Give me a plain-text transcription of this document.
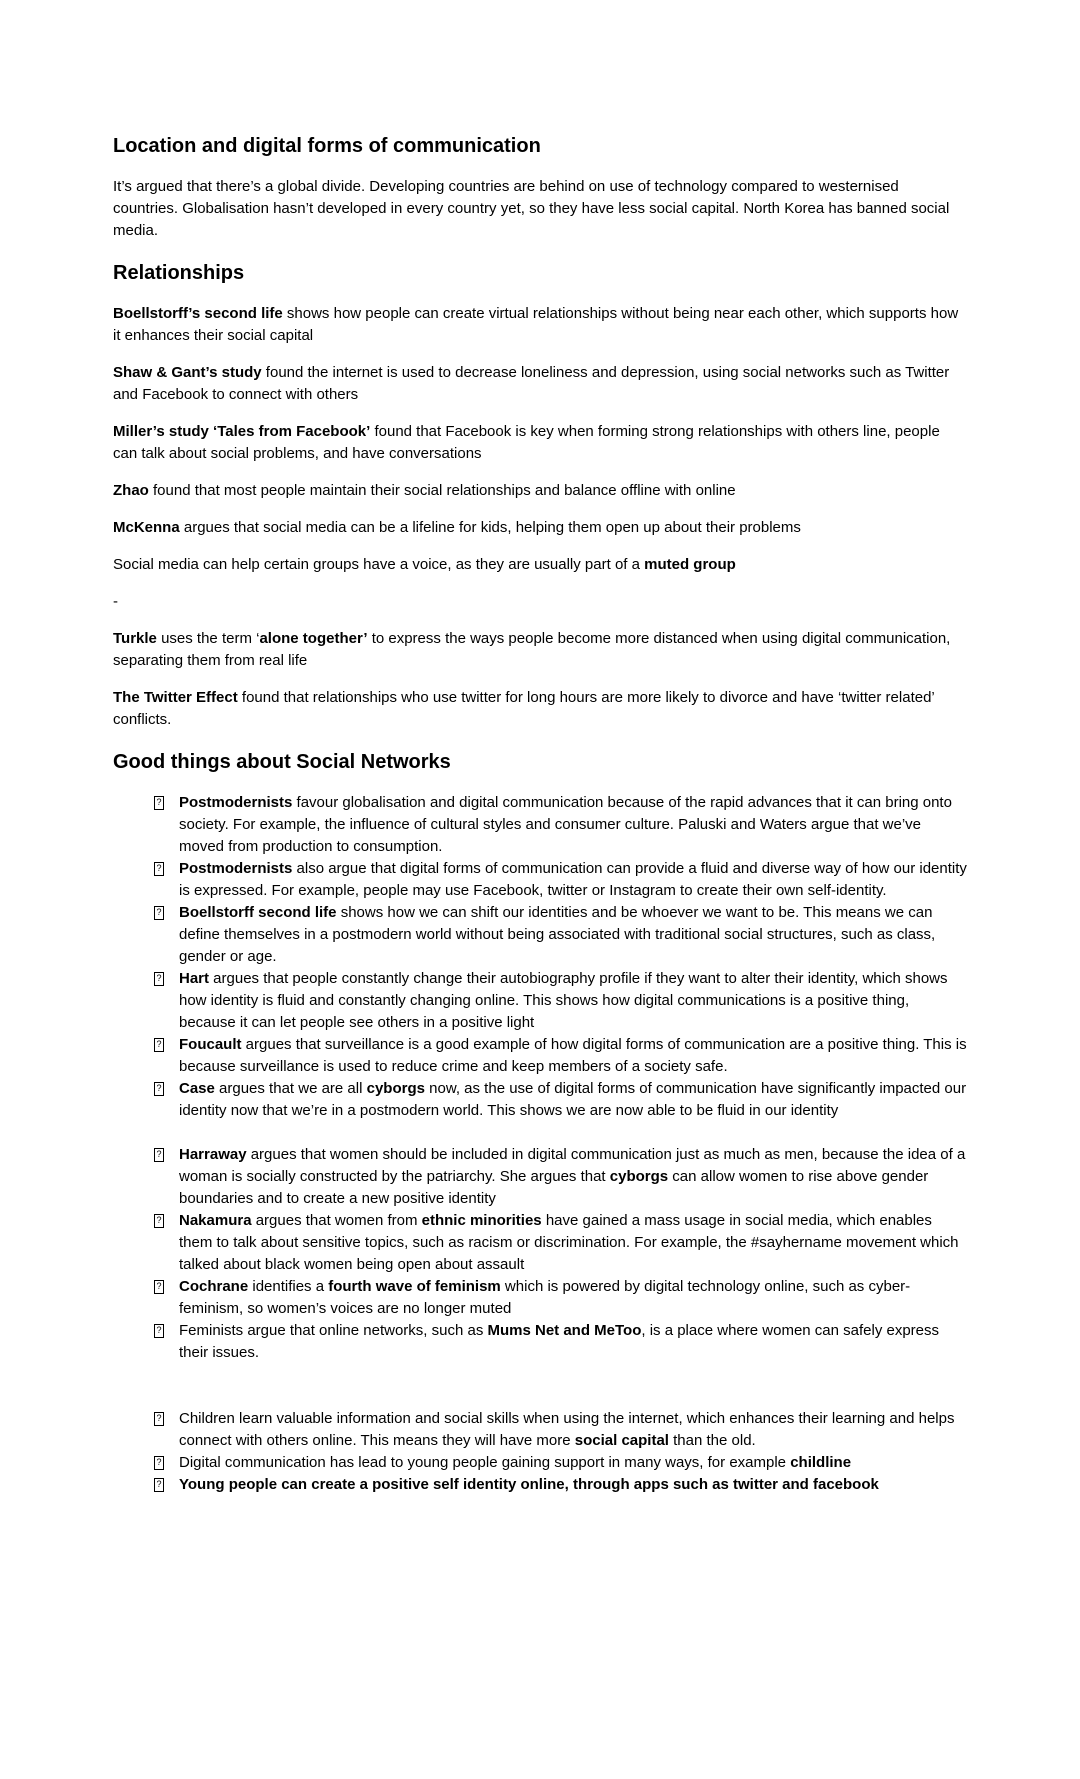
Location and digital forms of communication

It’s argued that there’s a global divide. Developing countries are behind on use of technology compared to westernised countries. Globalisation hasn’t developed in every country yet, so they have less social capital. North Korea has banned social media.

Relationships

Boellstorff’s second life shows how people can create virtual relationships without being near each other, which supports how it enhances their social capital

Shaw & Gant’s study found the internet is used to decrease loneliness and depression, using social networks such as Twitter and Facebook to connect with others

Miller’s study ‘Tales from Facebook’ found that Facebook is key when forming strong relationships with others line, people can talk about social problems, and have conversations

Zhao found that most people maintain their social relationships and balance offline with online

McKenna argues that social media can be a lifeline for kids, helping them open up about their problems

Social media can help certain groups have a voice, as they are usually part of a muted group

-

Turkle uses the term ‘alone together’ to express the ways people become more distanced when using digital communication, separating them from real life

The Twitter Effect found that relationships who use twitter for long hours are more likely to divorce and have ‘twitter related’ conflicts.

Good things about Social Networks
? Postmodernists favour globalisation and digital communication because of the rapid advances that it can bring onto society. For example, the influence of cultural styles and consumer culture. Paluski and Waters argue that we’ve moved from production to consumption.
? Postmodernists also argue that digital forms of communication can provide a fluid and diverse way of how our identity is expressed. For example, people may use Facebook, twitter or Instagram to create their own self-identity.
? Boellstorff second life shows how we can shift our identities and be whoever we want to be. This means we can define themselves in a postmodern world without being associated with traditional social structures, such as class, gender or age.
? Hart argues that people constantly change their autobiography profile if they want to alter their identity, which shows how identity is fluid and constantly changing online. This shows how digital communications is a positive thing, because it can let people see others in a positive light
? Foucault argues that surveillance is a good example of how digital forms of communication are a positive thing. This is because surveillance is used to reduce crime and keep members of a society safe.
? Case argues that we are all cyborgs now, as the use of digital forms of communication have significantly impacted our identity now that we’re in a postmodern world. This shows we are now able to be fluid in our identity
? Harraway argues that women should be included in digital communication just as much as men, because the idea of a woman is socially constructed by the patriarchy. She argues that cyborgs can allow women to rise above gender boundaries and to create a new positive identity
? Nakamura argues that women from ethnic minorities have gained a mass usage in social media, which enables them to talk about sensitive topics, such as racism or discrimination. For example, the #sayhername movement which talked about black women being open about assault
? Cochrane identifies a fourth wave of feminism which is powered by digital technology online, such as cyber-feminism, so women’s voices are no longer muted
? Feminists argue that online networks, such as Mums Net and MeToo, is a place where women can safely express their issues.
? Children learn valuable information and social skills when using the internet, which enhances their learning and helps connect with others online. This means they will have more social capital than the old.
? Digital communication has lead to young people gaining support in many ways, for example childline
? Young people can create a positive self identity online, through apps such as twitter and facebook
